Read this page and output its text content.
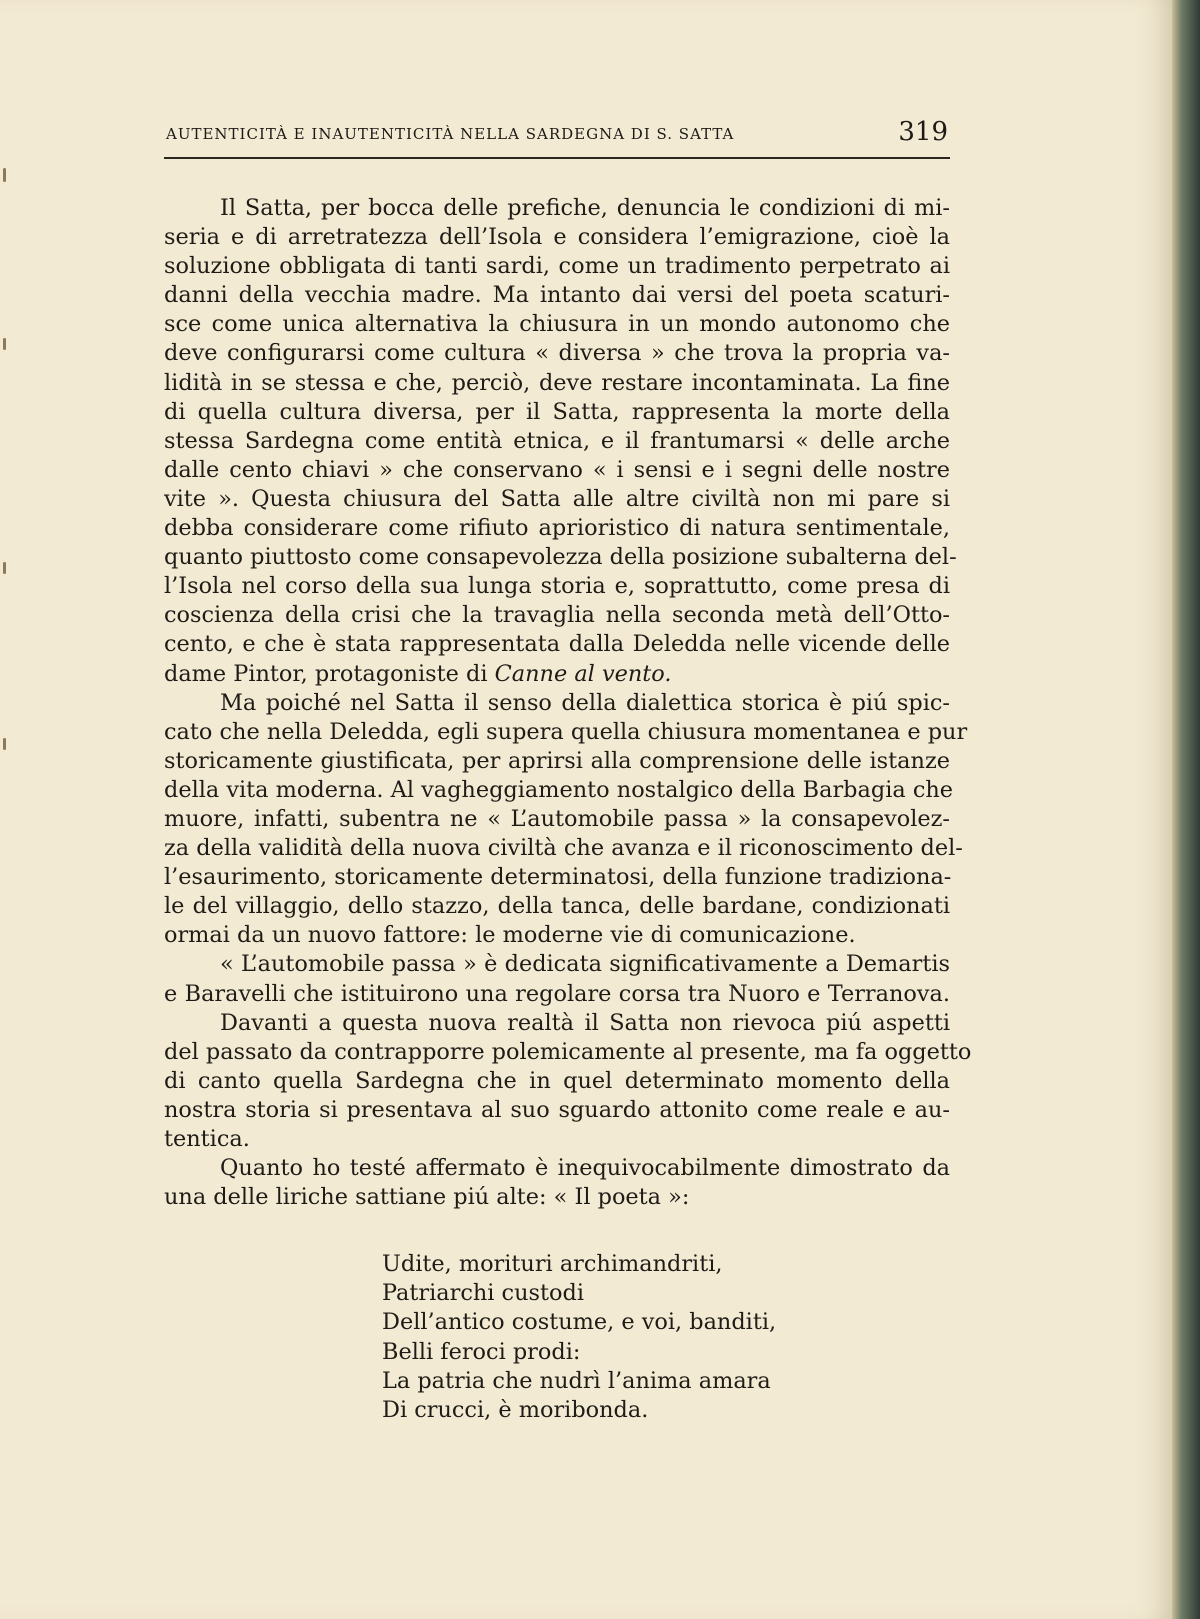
AUTENTICITÀ E INAUTENTICITÀ NELLA SARDEGNA DI S. SATTA	319
Il Satta, per bocca delle prefiche, denuncia le condizioni di mi-
seria e di arretratezza dell’Isola e considera l’emigrazione, cioè la
soluzione obbligata di tanti sardi, come un tradimento perpetrato ai
danni della vecchia madre. Ma intanto dai versi del poeta scaturi-
sce come unica alternativa la chiusura in un mondo autonomo che
deve configurarsi come cultura « diversa » che trova la propria va-
lidità in se stessa e che, perciò, deve restare incontaminata. La fine
di quella cultura diversa, per il Satta, rappresenta la morte della
stessa Sardegna come entità etnica, e il frantumarsi « delle arche
dalle cento chiavi » che conservano « i sensi e i segni delle nostre
vite ». Questa chiusura del Satta alle altre civiltà non mi pare si
debba considerare come rifiuto aprioristico di natura sentimentale,
quanto piuttosto come consapevolezza della posizione subalterna del-
l’Isola nel corso della sua lunga storia e, soprattutto, come presa di
coscienza della crisi che la travaglia nella seconda metà dell’Otto-
cento, e che è stata rappresentata dalla Deledda nelle vicende delle
dame Pintor, protagoniste di Canne al vento.
Ma poiché nel Satta il senso della dialettica storica è piú spic-
cato che nella Deledda, egli supera quella chiusura momentanea e pur
storicamente giustificata, per aprirsi alla comprensione delle istanze
della vita moderna. Al vagheggiamento nostalgico della Barbagia che
muore, infatti, subentra ne « L’automobile passa » la consapevolez-
za della validità della nuova civiltà che avanza e il riconoscimento del-
l’esaurimento, storicamente determinatosi, della funzione tradiziona-
le del villaggio, dello stazzo, della tanca, delle bardane, condizionati
ormai da un nuovo fattore: le moderne vie di comunicazione.
« L’automobile passa » è dedicata significativamente a Demartis
e Baravelli che istituirono una regolare corsa tra Nuoro e Terranova.
Davanti a questa nuova realtà il Satta non rievoca piú aspetti
del passato da contrapporre polemicamente al presente, ma fa oggetto
di canto quella Sardegna che in quel determinato momento della
nostra storia si presentava al suo sguardo attonito come reale e au-
tentica.
Quanto ho testé affermato è inequivocabilmente dimostrato da
una delle liriche sattiane piú alte: « Il poeta »:
Udite, morituri archimandriti,
Patriarchi custodi
Dell’antico costume, e voi, banditi,
Belli feroci prodi:
La patria che nudrì l’anima amara
Di crucci, è moribonda.
